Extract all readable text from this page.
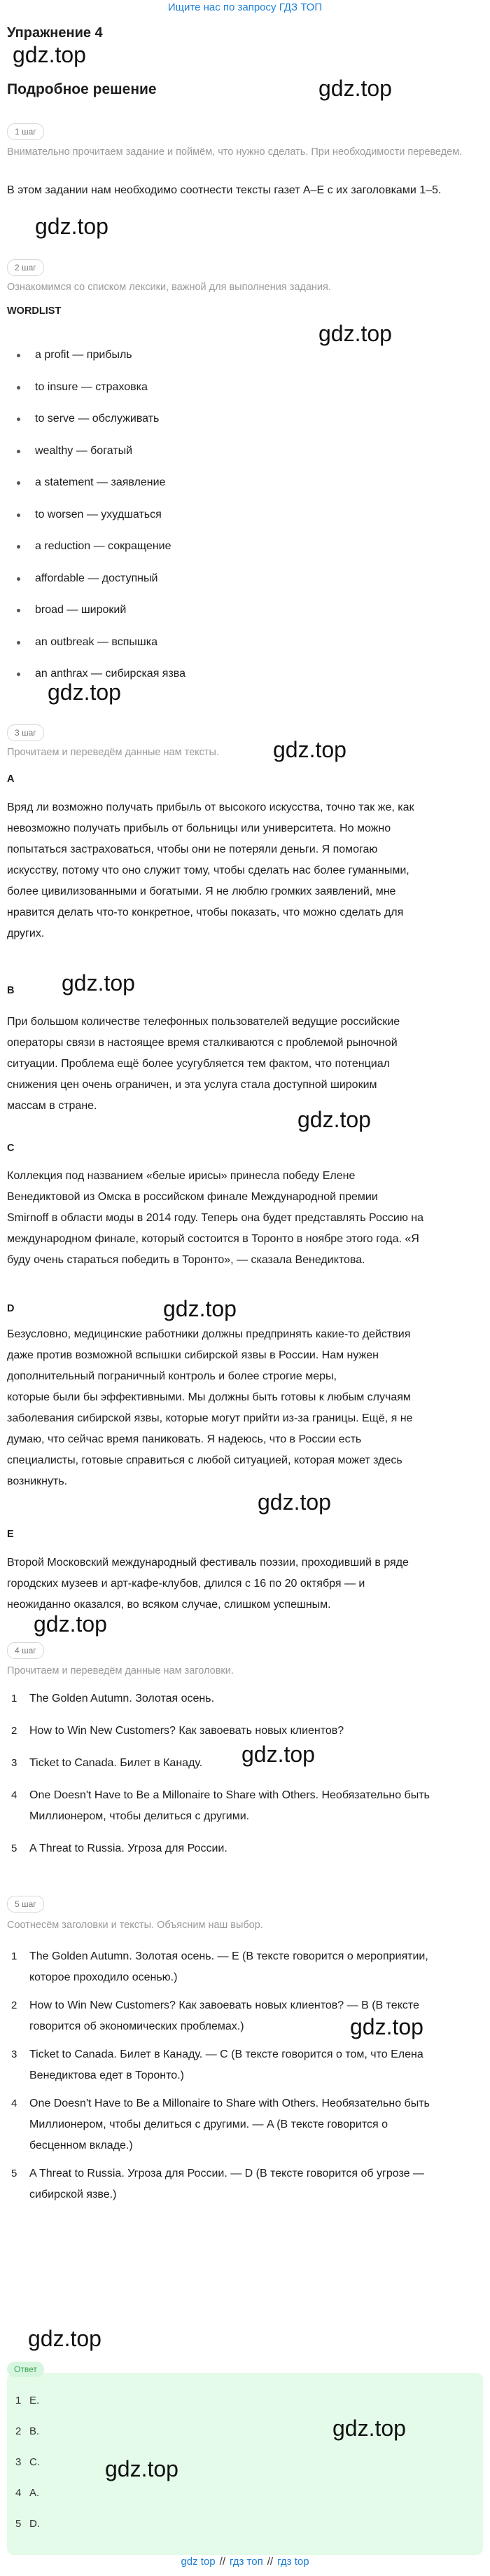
Ищите нас по запросу ГДЗ ТОП
Упражнение 4
gdz.top
Подробное решение	gdz.top
1 шаг
Внимательно прочитаем задание и поймём, что нужно сделать. При необходимости переведем.
В этом задании нам необходимо соотнести тексты газет A–E с их заголовками 1–5.
gdz.top
2 шаг
Ознакомимся со списком лексики, важной для выполнения задания.
WORDLIST
gdz.top
a profit — прибыль
to insure — страховка
to serve — обслуживать
wealthy — богатый
a statement — заявление
to worsen — ухудшаться
a reduction — сокращение
affordable — доступный
broad — широкий
an outbreak — вспышка
an anthrax — сибирская язва
gdz.top
3 шаг
gdz.top
Прочитаем и переведём данные нам тексты.
A
Вряд ли возможно получать прибыль от высокого искусства, точно так же, как
невозможно получать прибыль от больницы или университета. Но можно
попытаться застраховаться, чтобы они не потеряли деньги. Я помогаю
искусству, потому что оно служит тому, чтобы сделать нас более гуманными,
более цивилизованными и богатыми. Я не люблю громких заявлений, мне
нравится делать что-то конкретное, чтобы показать, что можно сделать для
других.
gdz.top
B
При большом количестве телефонных пользователей ведущие российские
операторы связи в настоящее время сталкиваются с проблемой рыночной
ситуации. Проблема ещё более усугубляется тем фактом, что потенциал
снижения цен очень ограничен, и эта услуга стала доступной широким
массам в стране.
gdz.top
C
Коллекция под названием «белые ирисы» принесла победу Елене
Венедиктовой из Омска в российском финале Международной премии
Smirnoff в области моды в 2014 году. Теперь она будет представлять Россию на
международном финале, который состоится в Торонто в ноябре этого года. «Я
буду очень стараться победить в Торонто», — сказала Венедиктова.
gdz.top
D
Безусловно, медицинские работники должны предпринять какие-то действия
даже против возможной вспышки сибирской язвы в России. Нам нужен
дополнительный пограничный контроль и более строгие меры,
которые были бы эффективными. Мы должны быть готовы к любым случаям
заболевания сибирской язвы, которые могут прийти из-за границы. Ещё, я не
думаю, что сейчас время паниковать. Я надеюсь, что в России есть
специалисты, готовые справиться с любой ситуацией, которая может здесь
возникнуть.
gdz.top
E
Второй Московский международный фестиваль поэзии, проходивший в ряде
городских музеев и арт-кафе-клубов, длился с 16 по 20 октября — и
неожиданно оказался, во всяком случае, слишком успешным.
gdz.top
4 шаг
Прочитаем и переведём данные нам заголовки.
1 The Golden Autumn. Золотая осень.
2 How to Win New Customers? Как завоевать новых клиентов?
3 Ticket to Canada. Билет в Канаду.
4 One Doesn't Have to Be a Millonaire to Share with Others. Необязательно быть
Миллионером, чтобы делиться с другими.
5 A Threat to Russia. Угроза для России.
gdz.top
5 шаг
Соотнесём заголовки и тексты. Объясним наш выбор.
1 The Golden Autumn. Золотая осень. — E (В тексте говорится о мероприятии,
которое проходило осенью.)
2 How to Win New Customers? Как завоевать новых клиентов? — B (В тексте
говорится об экономических проблемах.)
3 Ticket to Canada. Билет в Канаду. — C (В тексте говорится о том, что Елена
Венедиктова едет в Торонто.)
4 One Doesn't Have to Be a Millonaire to Share with Others. Необязательно быть
Миллионером, чтобы делиться с другими. — A (В тексте говорится о
бесценном вкладе.)
5 A Threat to Russia. Угроза для России. — D (В тексте говорится об угрозе —
сибирской язве.)
gdz.top
gdz.top
Ответ
1 E.
2 B.
3 C.
4 A.
5 D.
gdz.top
gdz.top
gdz top // гдз топ // гдз top
